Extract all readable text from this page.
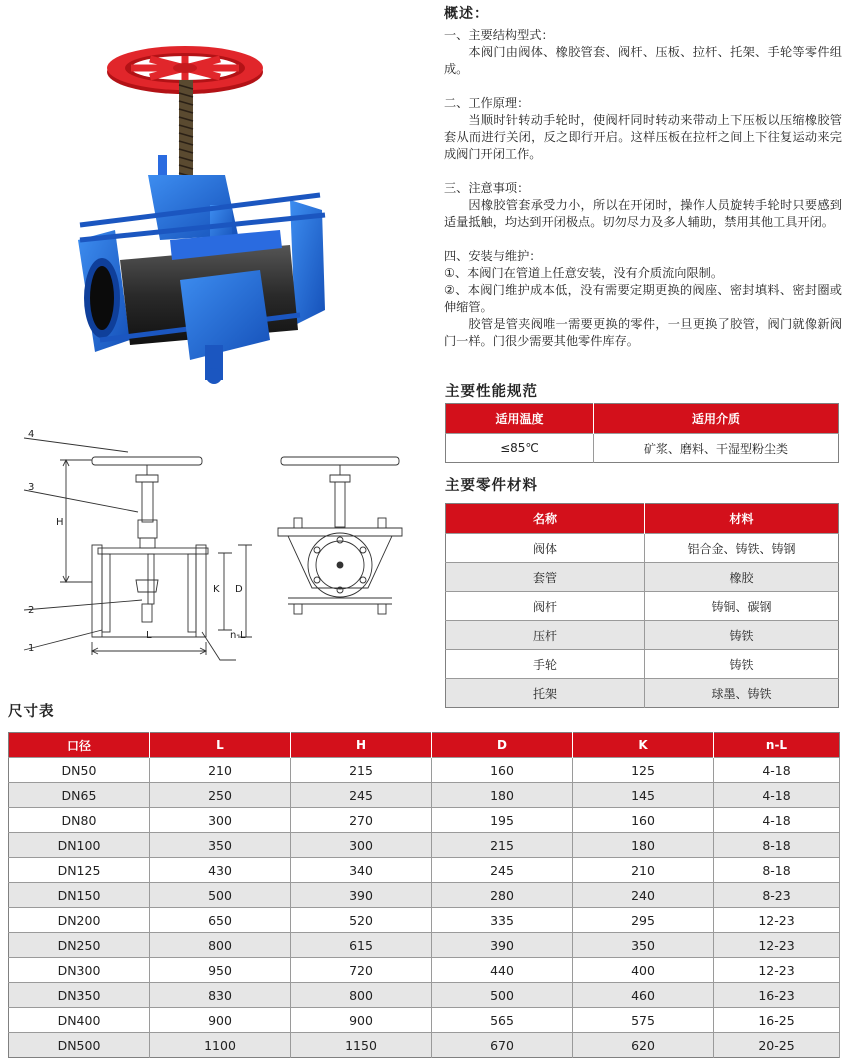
概述：
一、主要结构型式：
本阀门由阀体、橡胶管套、阀杆、压板、拉杆、托架、手轮等零件组成。
二、工作原理：
当顺时针转动手轮时，使阀杆同时转动来带动上下压板以压缩橡胶管套从而进行关闭，反之即行开启。这样压板在拉杆之间上下往复运动来完成阀门开闭工作。
三、注意事项：
因橡胶管套承受力小，所以在开闭时，操作人员旋转手轮时只要感到适量抵触，均达到开闭极点。切勿尽力及多人辅助，禁用其他工具开闭。
四、安装与维护：
①、本阀门在管道上任意安装，没有介质流向限制。
②、本阀门维护成本低，没有需要定期更换的阀座、密封填料、密封圈或伸缩管。
胶管是管夹阀唯一需要更换的零件，一旦更换了胶管，阀门就像新阀门一样。门很少需要其他零件库存。
主要性能规范
适用温度	适用介质
≤85℃	矿浆、磨料、干湿型粉尘类
主要零件材料
名称	材料
阀体	铝合金、铸铁、铸钢
套管	橡胶
阀杆	铸铜、碳钢
压杆	铸铁
手轮	铸铁
托架	球墨、铸铁
4
3
2
1
H
K D
L	n-L
尺寸表
口径	L	H	D	K	n-L
DN50	210	215	160	125	4-18
DN65	250	245	180	145	4-18
DN80	300	270	195	160	4-18
DN100	350	300	215	180	8-18
DN125	430	340	245	210	8-18
DN150	500	390	280	240	8-23
DN200	650	520	335	295	12-23
DN250	800	615	390	350	12-23
DN300	950	720	440	400	12-23
DN350	830	800	500	460	16-23
DN400	900	900	565	575	16-25
DN500	1100	1150	670	620	20-25
